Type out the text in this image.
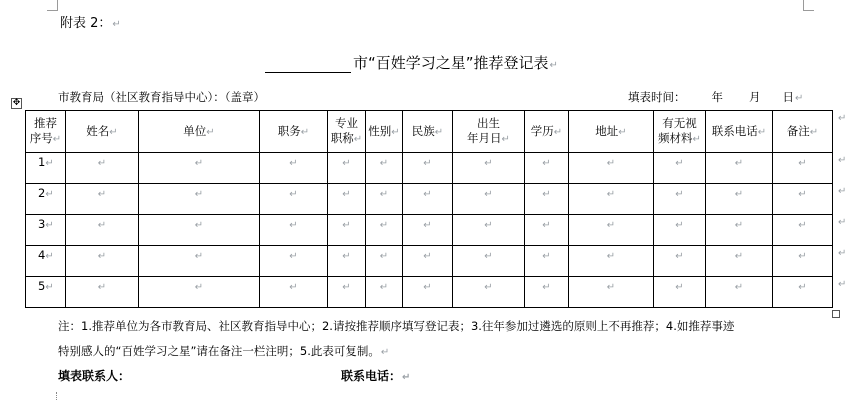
附表 2：↵
市“百姓学习之星”推荐登记表↵
市教育局（社区教育指导中心）：（盖章）	填表时间： 年 月 日↵
✥
推荐
序号↵	姓名↵	单位↵	职务↵	专业
职称↵	性别↵	民族↵	出生
年月日↵	学历↵	地址↵	有无视
频材料↵	联系电话↵	备注↵
1↵	↵	↵	↵	↵	↵	↵	↵	↵	↵	↵	↵	↵
2↵	↵	↵	↵	↵	↵	↵	↵	↵	↵	↵	↵	↵
3↵	↵	↵	↵	↵	↵	↵	↵	↵	↵	↵	↵	↵
4↵	↵	↵	↵	↵	↵	↵	↵	↵	↵	↵	↵	↵
5↵	↵	↵	↵	↵	↵	↵	↵	↵	↵	↵	↵	↵
注：1.推荐单位为各市教育局、社区教育指导中心；2.请按推荐顺序填写登记表；3.往年参加过遴选的原则上不再推荐；4.如推荐事迹
特别感人的“百姓学习之星”请在备注一栏注明；5.此表可复制。↵
填表联系人：	联系电话：↵
↵
↵
↵
↵
↵
↵
